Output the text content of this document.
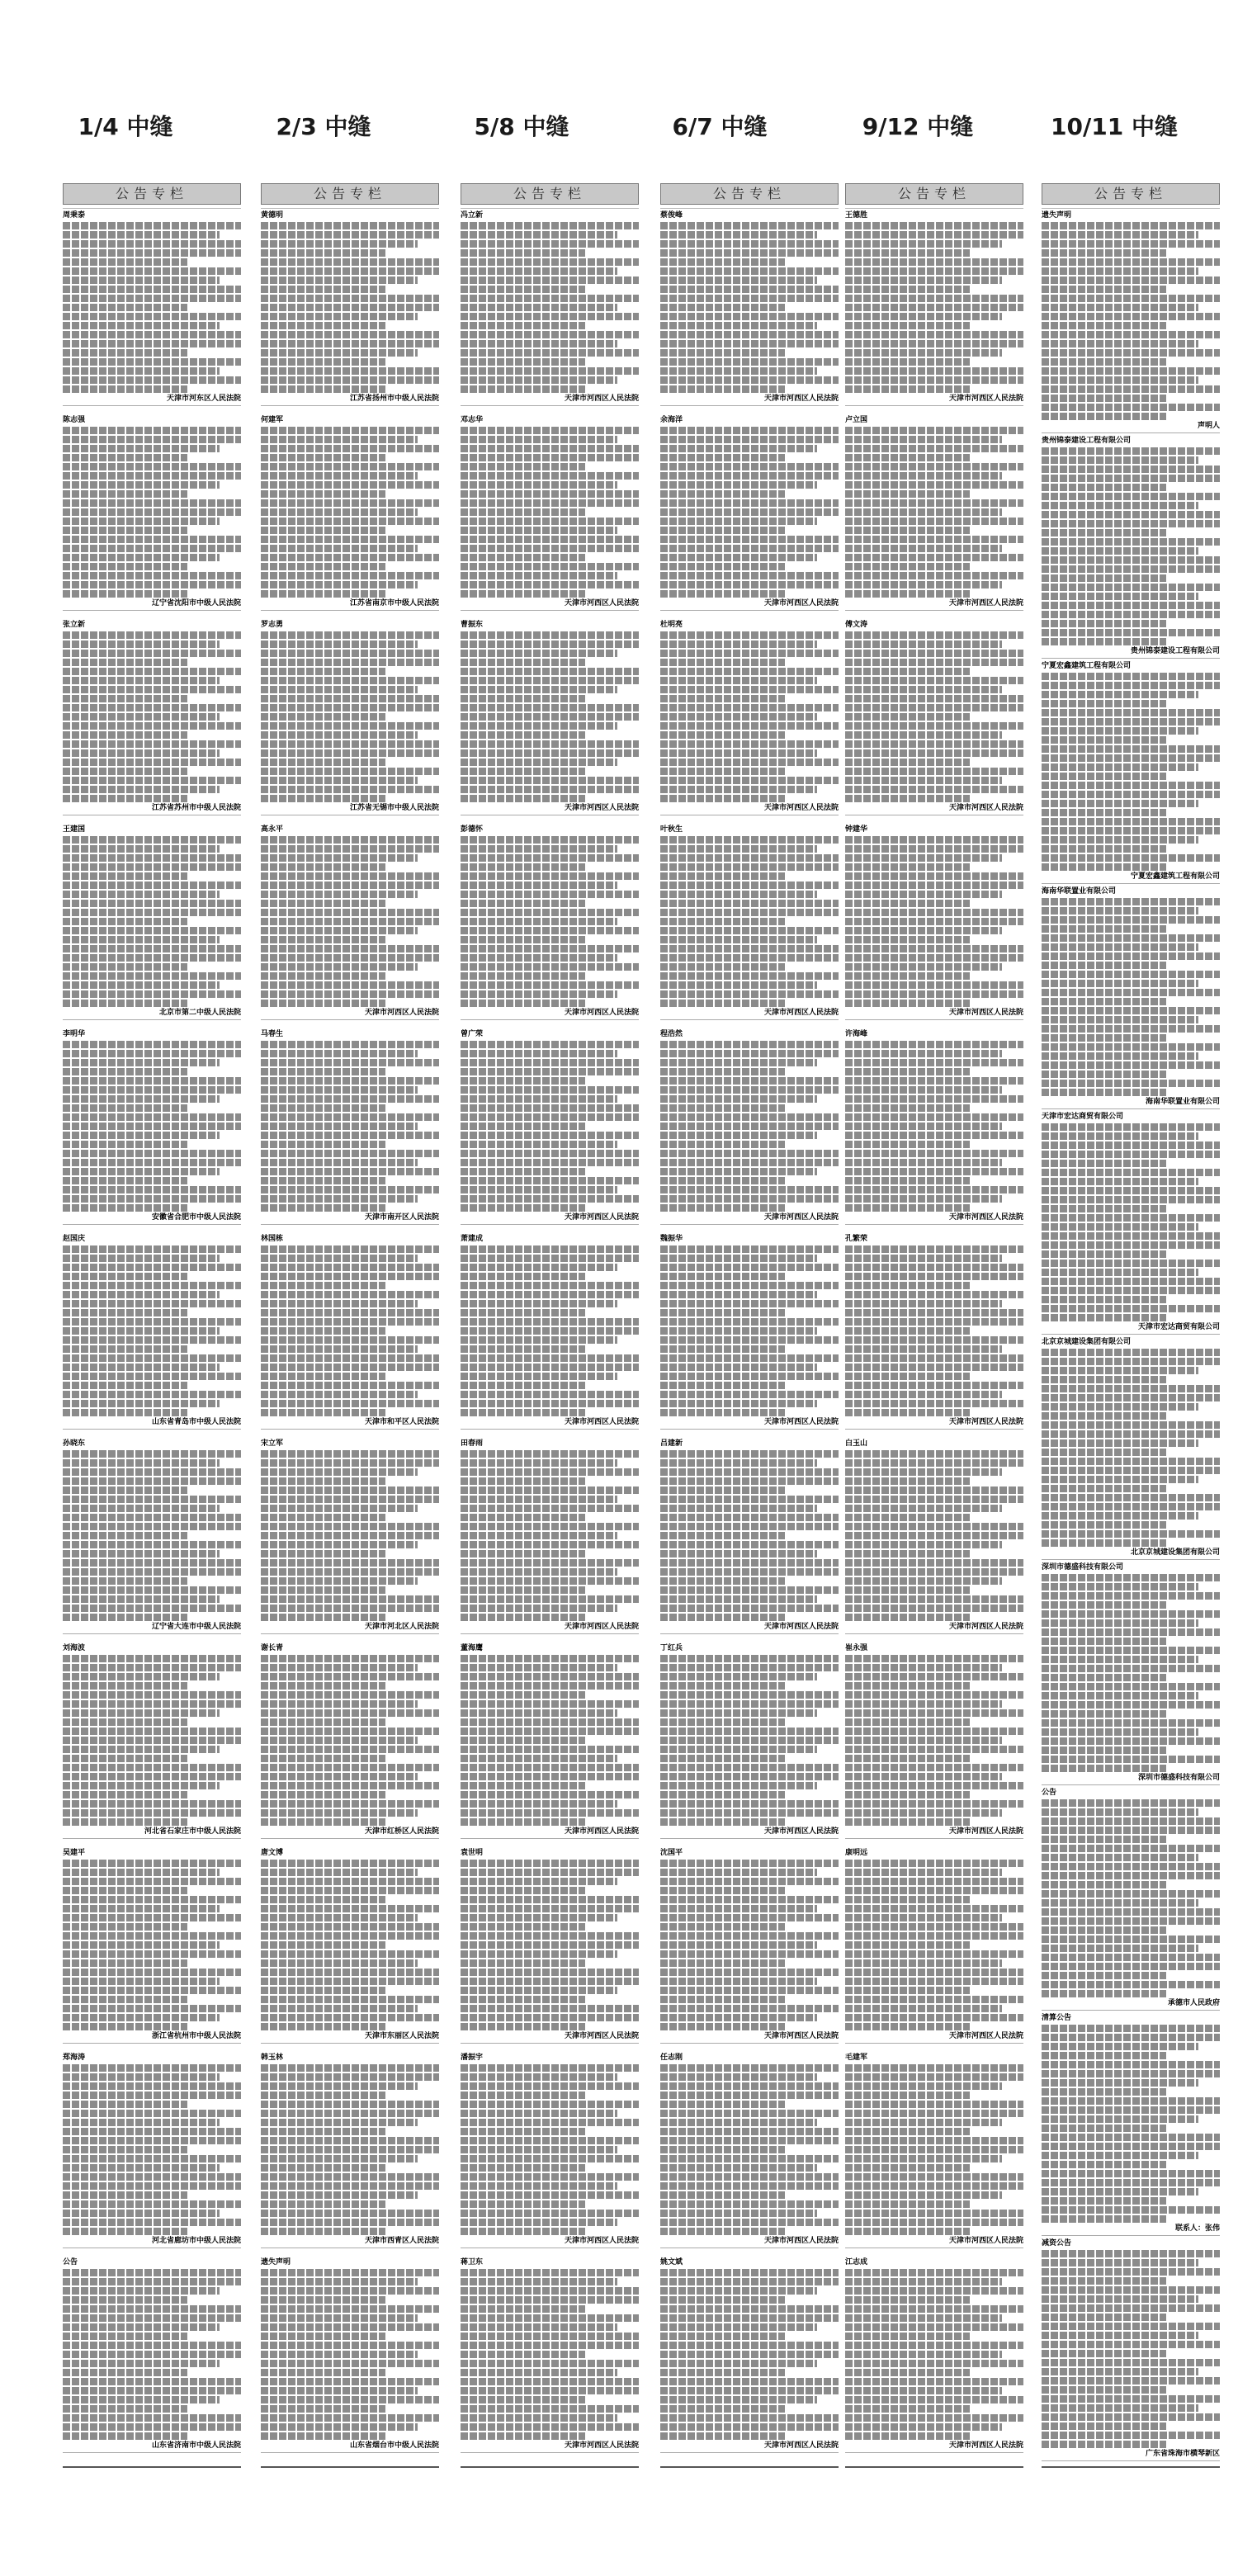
1/4 中缝
公告专栏
周秉泰
天津市河东区人民法院
陈志强
辽宁省沈阳市中级人民法院
张立新
江苏省苏州市中级人民法院
王建国
北京市第二中级人民法院
李明华
安徽省合肥市中级人民法院
赵国庆
山东省青岛市中级人民法院
孙晓东
辽宁省大连市中级人民法院
刘海波
河北省石家庄市中级人民法院
吴建平
浙江省杭州市中级人民法院
郑海涛
河北省廊坊市中级人民法院
公告
山东省济南市中级人民法院
2/3 中缝
公告专栏
黄德明
江苏省扬州市中级人民法院
何建军
江苏省南京市中级人民法院
罗志勇
江苏省无锡市中级人民法院
高永平
天津市河西区人民法院
马春生
天津市南开区人民法院
林国栋
天津市和平区人民法院
宋立军
天津市河北区人民法院
谢长青
天津市红桥区人民法院
唐文博
天津市东丽区人民法院
韩玉林
天津市西青区人民法院
遗失声明
山东省烟台市中级人民法院
5/8 中缝
公告专栏
冯立新
天津市河西区人民法院
邓志华
天津市河西区人民法院
曹振东
天津市河西区人民法院
彭德怀
天津市河西区人民法院
曾广荣
天津市河西区人民法院
萧建成
天津市河西区人民法院
田春雨
天津市河西区人民法院
董海鹰
天津市河西区人民法院
袁世明
天津市河西区人民法院
潘振宇
天津市河西区人民法院
蒋卫东
天津市河西区人民法院
6/7 中缝
公告专栏
蔡俊峰
天津市河西区人民法院
余海洋
天津市河西区人民法院
杜明亮
天津市河西区人民法院
叶秋生
天津市河西区人民法院
程浩然
天津市河西区人民法院
魏振华
天津市河西区人民法院
吕建新
天津市河西区人民法院
丁红兵
天津市河西区人民法院
沈国平
天津市河西区人民法院
任志刚
天津市河西区人民法院
姚文斌
天津市河西区人民法院
9/12 中缝
公告专栏
王德胜
天津市河西区人民法院
卢立国
天津市河西区人民法院
傅文涛
天津市河西区人民法院
钟建华
天津市河西区人民法院
许海峰
天津市河西区人民法院
孔繁荣
天津市河西区人民法院
白玉山
天津市河西区人民法院
崔永强
天津市河西区人民法院
康明远
天津市河西区人民法院
毛建军
天津市河西区人民法院
江志成
天津市河西区人民法院
10/11 中缝
公告专栏
遗失声明
声明人
贵州锦泰建设工程有限公司
贵州锦泰建设工程有限公司
宁夏宏鑫建筑工程有限公司
宁夏宏鑫建筑工程有限公司
海南华联置业有限公司
海南华联置业有限公司
天津市宏达商贸有限公司
天津市宏达商贸有限公司
北京京城建设集团有限公司
北京京城建设集团有限公司
深圳市德盛科技有限公司
深圳市德盛科技有限公司
公告
承德市人民政府
清算公告
联系人：张伟
减资公告
广东省珠海市横琴新区
